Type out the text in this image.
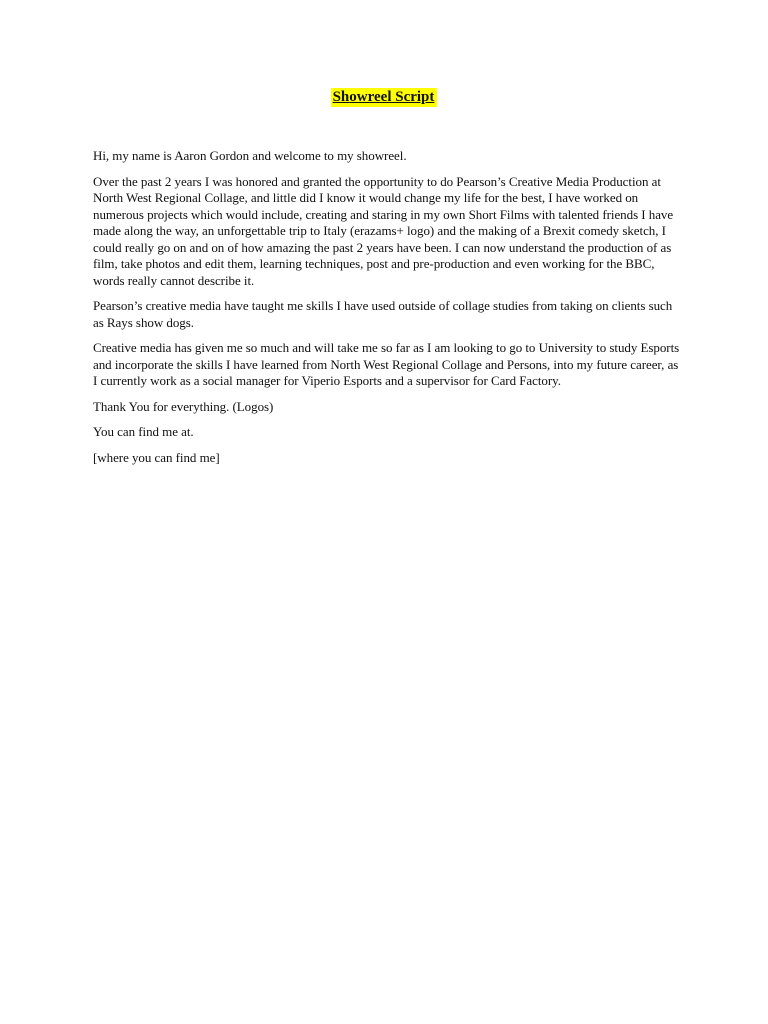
Showreel Script

Hi, my name is Aaron Gordon and welcome to my showreel.

Over the past 2 years I was honored and granted the opportunity to do Pearson’s Creative Media Production at North West Regional Collage, and little did I know it would change my life for the best, I have worked on numerous projects which would include, creating and staring in my own Short Films with talented friends I have made along the way, an unforgettable trip to Italy (erazams+ logo) and the making of a Brexit comedy sketch, I could really go on and on of how amazing the past 2 years have been. I can now understand the production of as film, take photos and edit them, learning techniques, post and pre-production and even working for the BBC, words really cannot describe it.

Pearson’s creative media have taught me skills I have used outside of collage studies from taking on clients such as Rays show dogs.

Creative media has given me so much and will take me so far as I am looking to go to University to study Esports and incorporate the skills I have learned from North West Regional Collage and Persons, into my future career, as I currently work as a social manager for Viperio Esports and a supervisor for Card Factory.

Thank You for everything. (Logos)

You can find me at.

[where you can find me]
